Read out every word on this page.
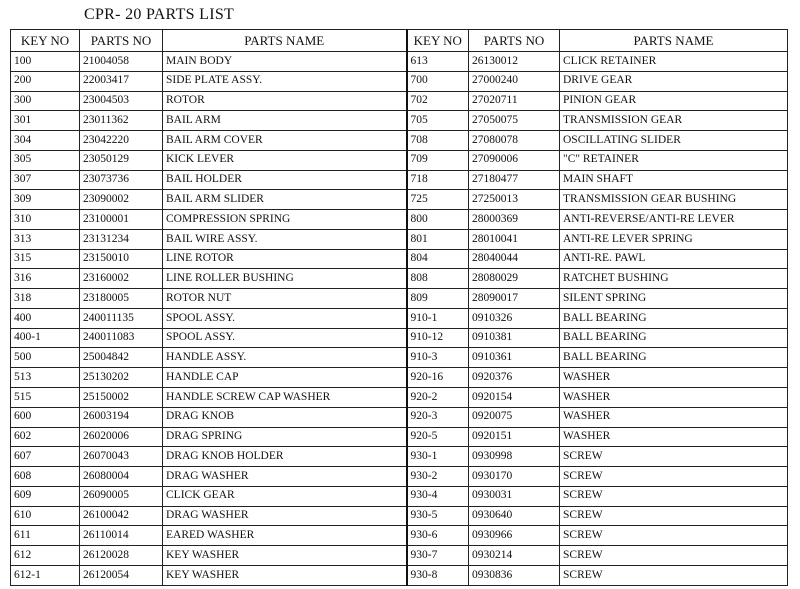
CPR- 20 PARTS LIST
KEY NO	PARTS NO	PARTS NAME	KEY NO	PARTS NO	PARTS NAME
100	21004058	MAIN BODY	613	26130012	CLICK RETAINER
200	22003417	SIDE PLATE ASSY.	700	27000240	DRIVE GEAR
300	23004503	ROTOR	702	27020711	PINION GEAR
301	23011362	BAIL ARM	705	27050075	TRANSMISSION GEAR
304	23042220	BAIL ARM COVER	708	27080078	OSCILLATING SLIDER
305	23050129	KICK LEVER	709	27090006	"C" RETAINER
307	23073736	BAIL HOLDER	718	27180477	MAIN SHAFT
309	23090002	BAIL ARM SLIDER	725	27250013	TRANSMISSION GEAR BUSHING
310	23100001	COMPRESSION SPRING	800	28000369	ANTI-REVERSE/ANTI-RE LEVER
313	23131234	BAIL WIRE ASSY.	801	28010041	ANTI-RE LEVER SPRING
315	23150010	LINE ROTOR	804	28040044	ANTI-RE. PAWL
316	23160002	LINE ROLLER BUSHING	808	28080029	RATCHET BUSHING
318	23180005	ROTOR NUT	809	28090017	SILENT SPRING
400	240011135	SPOOL ASSY.	910-1	0910326	BALL BEARING
400-1	240011083	SPOOL ASSY.	910-12	0910381	BALL BEARING
500	25004842	HANDLE ASSY.	910-3	0910361	BALL BEARING
513	25130202	HANDLE CAP	920-16	0920376	WASHER
515	25150002	HANDLE SCREW CAP WASHER	920-2	0920154	WASHER
600	26003194	DRAG KNOB	920-3	0920075	WASHER
602	26020006	DRAG SPRING	920-5	0920151	WASHER
607	26070043	DRAG KNOB HOLDER	930-1	0930998	SCREW
608	26080004	DRAG WASHER	930-2	0930170	SCREW
609	26090005	CLICK GEAR	930-4	0930031	SCREW
610	26100042	DRAG WASHER	930-5	0930640	SCREW
611	26110014	EARED WASHER	930-6	0930966	SCREW
612	26120028	KEY WASHER	930-7	0930214	SCREW
612-1	26120054	KEY WASHER	930-8	0930836	SCREW
